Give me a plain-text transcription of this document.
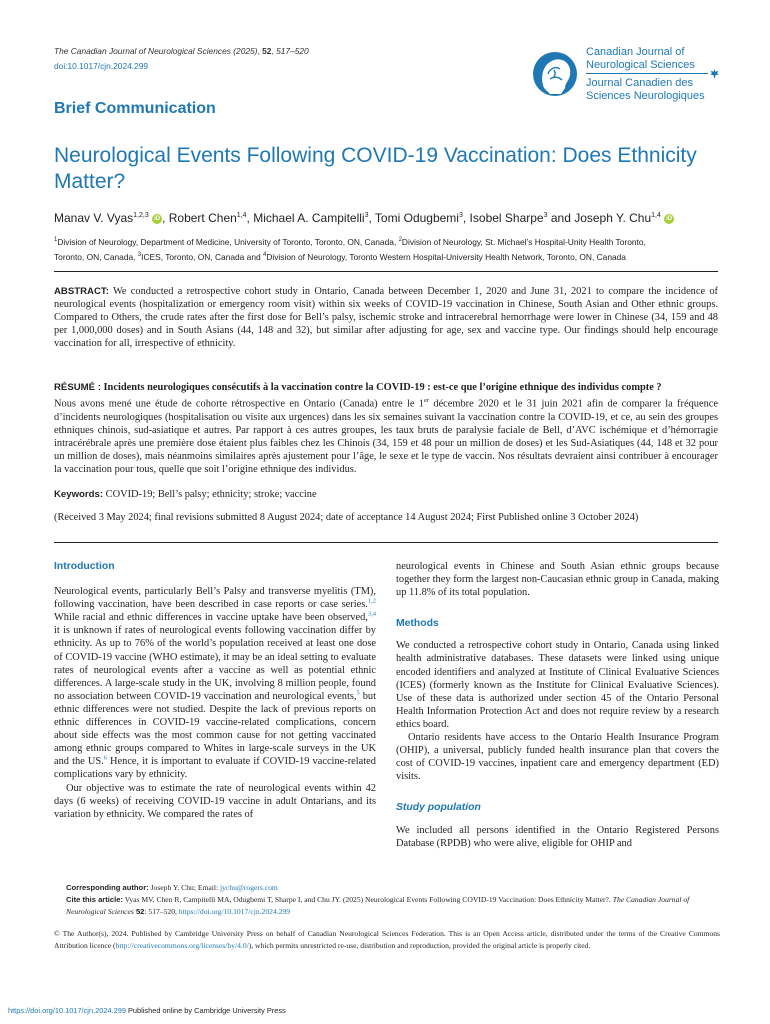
The Canadian Journal of Neurological Sciences (2025), 52, 517–520
doi:10.1017/cjn.2024.299
Canadian Journal of
Neurological Sciences
Journal Canadien des
Sciences Neurologiques
Brief Communication
Neurological Events Following COVID-19 Vaccination: Does Ethnicity Matter?
Manav V. Vyas$^{1,2,3}$ iD , Robert Chen$^{1,4}$, Michael A. Campitelli$^3$, Tomi Odugbemi$^3$, Isobel Sharpe$^3$ and Joseph Y. Chu$^{1,4}$ iD
$^1$Division of Neurology, Department of Medicine, University of Toronto, Toronto, ON, Canada, $^2$Division of Neurology, St. Michael’s Hospital-Unity Health Toronto,
Toronto, ON, Canada, $^3$ICES, Toronto, ON, Canada and $^4$Division of Neurology, Toronto Western Hospital-University Health Network, Toronto, ON, Canada
ABSTRACT: We conducted a retrospective cohort study in Ontario, Canada between December 1, 2020 and June 31, 2021 to compare the incidence of neurological events (hospitalization or emergency room visit) within six weeks of COVID-19 vaccination in Chinese, South Asian and Other ethnic groups. Compared to Others, the crude rates after the first dose for Bell’s palsy, ischemic stroke and intracerebral hemorrhage were lower in Chinese (34, 159 and 48 per 1,000,000 doses) and in South Asians (44, 148 and 32), but similar after adjusting for age, sex and vaccine type. Our findings should help encourage vaccination for all, irrespective of ethnicity.
RÉSUMÉ : Incidents neurologiques consécutifs à la vaccination contre la COVID-19 : est-ce que l’origine ethnique des individus compte ?
Nous avons mené une étude de cohorte rétrospective en Ontario (Canada) entre le 1er décembre 2020 et le 31 juin 2021 afin de comparer la fréquence d’incidents neurologiques (hospitalisation ou visite aux urgences) dans les six semaines suivant la vaccination contre la COVID-19, et ce, au sein des groupes ethniques chinois, sud-asiatique et autres. Par rapport à ces autres groupes, les taux bruts de paralysie faciale de Bell, d’AVC ischémique et d’hémorragie intracérébrale après une première dose étaient plus faibles chez les Chinois (34, 159 et 48 pour un million de doses) et les Sud-Asiatiques (44, 148 et 32 pour un million de doses), mais néanmoins similaires après ajustement pour l’âge, le sexe et le type de vaccin. Nos résultats devraient ainsi contribuer à encourager la vaccination pour tous, quelle que soit l’origine ethnique des individus.
Keywords: COVID-19; Bell’s palsy; ethnicity; stroke; vaccine
(Received 3 May 2024; final revisions submitted 8 August 2024; date of acceptance 14 August 2024; First Published online 3 October 2024)
Introduction

Neurological events, particularly Bell’s Palsy and transverse myelitis (TM), following vaccination, have been described in case reports or case series.$^{1,2}$ While racial and ethnic differences in vaccine uptake have been observed,$^{3,4}$ it is unknown if rates of neurological events following vaccination differ by ethnicity. As up to 76% of the world’s population received at least one dose of COVID-19 vaccine (WHO estimate), it may be an ideal setting to evaluate rates of neurological events after a vaccine as well as potential ethnic differences. A large-scale study in the UK, involving 8 million people, found no association between COVID-19 vaccination and neurological events,$^5$ but ethnic differences were not studied. Despite the lack of previous reports on ethnic differences in COVID-19 vaccine-related complications, concern about side effects was the most common cause for not getting vaccinated among ethnic groups compared to Whites in large-scale surveys in the UK and the US.$^6$ Hence, it is important to evaluate if COVID-19 vaccine-related complications vary by ethnicity.

Our objective was to estimate the rate of neurological events within 42 days (6 weeks) of receiving COVID-19 vaccine in adult Ontarians, and its variation by ethnicity. We compared the rates of

neurological events in Chinese and South Asian ethnic groups because together they form the largest non-Caucasian ethnic group in Canada, making up 11.8% of its total population.

Methods

We conducted a retrospective cohort study in Ontario, Canada using linked health administrative databases. These datasets were linked using unique encoded identifiers and analyzed at Institute of Clinical Evaluative Sciences (ICES) (formerly known as the Institute for Clinical Evaluative Sciences). Use of these data is authorized under section 45 of the Ontario Personal Health Information Protection Act and does not require review by a research ethics board.

Ontario residents have access to the Ontario Health Insurance Program (OHIP), a universal, publicly funded health insurance plan that covers the cost of COVID-19 vaccines, inpatient care and emergency department (ED) visits.

Study population

We included all persons identified in the Ontario Registered Persons Database (RPDB) who were alive, eligible for OHIP and

Corresponding author: Joseph Y. Chu; Email: jychu@rogers.com
Cite this article: Vyas MV, Chen R, Campitelli MA, Odugbemi T, Sharpe I, and Chu JY. (2025) Neurological Events Following COVID-19 Vaccination: Does Ethnicity Matter?. The Canadian Journal of Neurological Sciences 52: 517–520, https://doi.org/10.1017/cjn.2024.299
© The Author(s), 2024. Published by Cambridge University Press on behalf of Canadian Neurological Sciences Federation. This is an Open Access article, distributed under the terms of the Creative Commons Attribution licence (http://creativecommons.org/licenses/by/4.0/), which permits unrestricted re-use, distribution and reproduction, provided the original article is properly cited.
https://doi.org/10.1017/cjn.2024.299 Published online by Cambridge University Press
